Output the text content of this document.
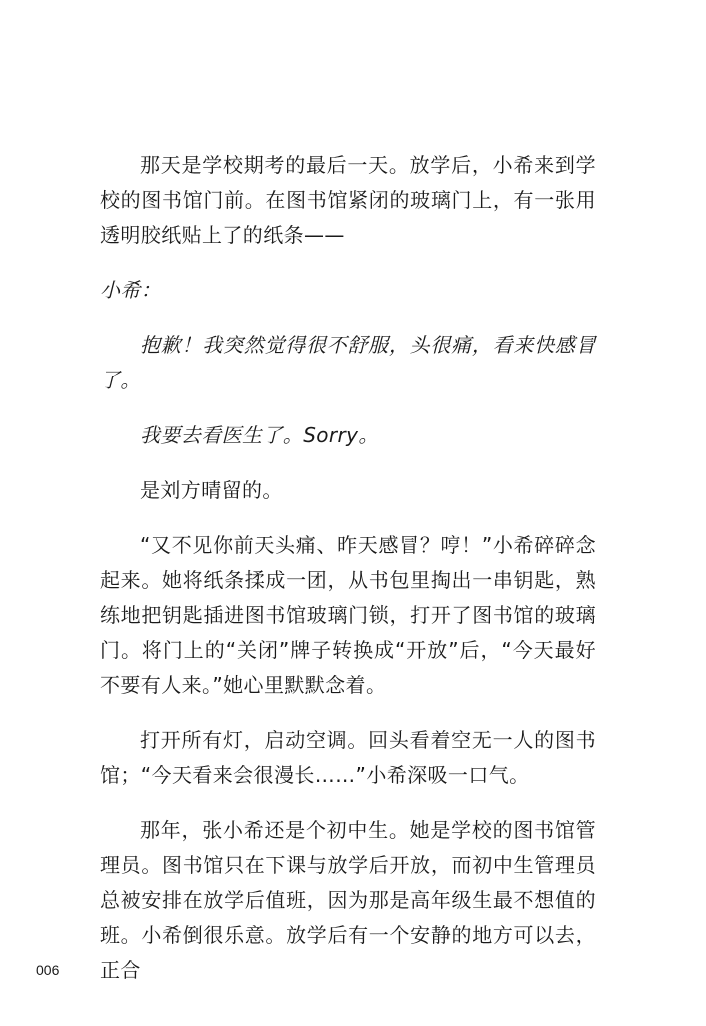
那天是学校期考的最后一天。放学后，小希来到学校的图书馆门前。在图书馆紧闭的玻璃门上，有一张用透明胶纸贴上了的纸条——

小希：

抱歉！我突然觉得很不舒服，头很痛，看来快感冒了。

我要去看医生了。Sorry。

是刘方晴留的。

“又不见你前天头痛、昨天感冒？哼！”小希碎碎念起来。她将纸条揉成一团，从书包里掏出一串钥匙，熟练地把钥匙插进图书馆玻璃门锁，打开了图书馆的玻璃门。将门上的“关闭”牌子转换成“开放”后，“今天最好不要有人来。”她心里默默念着。

打开所有灯，启动空调。回头看着空无一人的图书馆；“今天看来会很漫长……”小希深吸一口气。

那年，张小希还是个初中生。她是学校的图书馆管理员。图书馆只在下课与放学后开放，而初中生管理员总被安排在放学后值班，因为那是高年级生最不想值的班。小希倒很乐意。放学后有一个安静的地方可以去，正合

006
